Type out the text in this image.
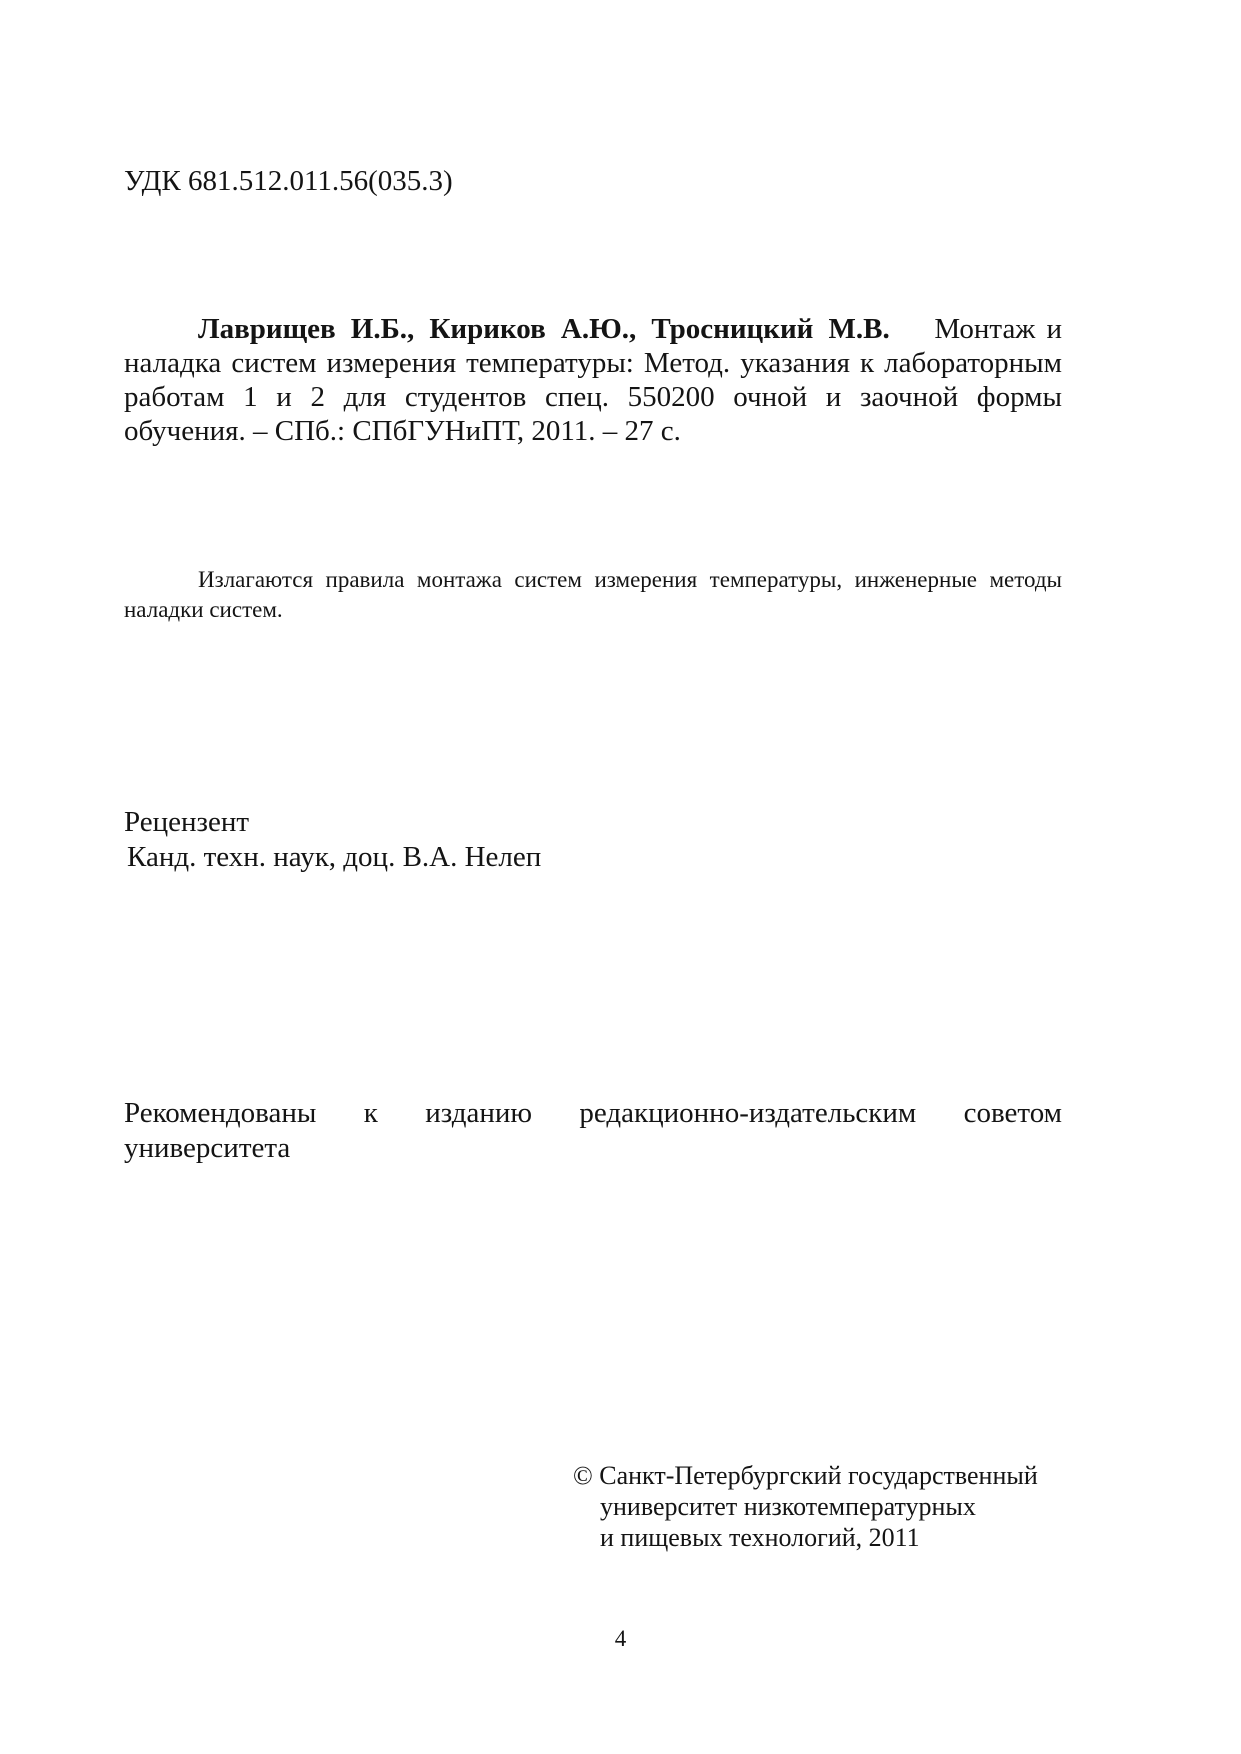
УДК 681.512.011.56(035.3)
Лаврищев И.Б., Кириков А.Ю., Тросницкий М.В. Монтаж и наладка систем измерения температуры: Метод. указания к лабораторным работам 1 и 2 для студентов спец. 550200 очной и заочной формы обучения. – СПб.: СПбГУНиПТ, 2011. – 27 с.
Излагаются правила монтажа систем измерения температуры, инженерные методы наладки систем.
Рецензент
Канд. техн. наук, доц. В.А. Нелеп
Рекомендованы к изданию редакционно-издательским советом университета
© Санкт-Петербургский государственный
университет низкотемпературных
и пищевых технологий, 2011
4
